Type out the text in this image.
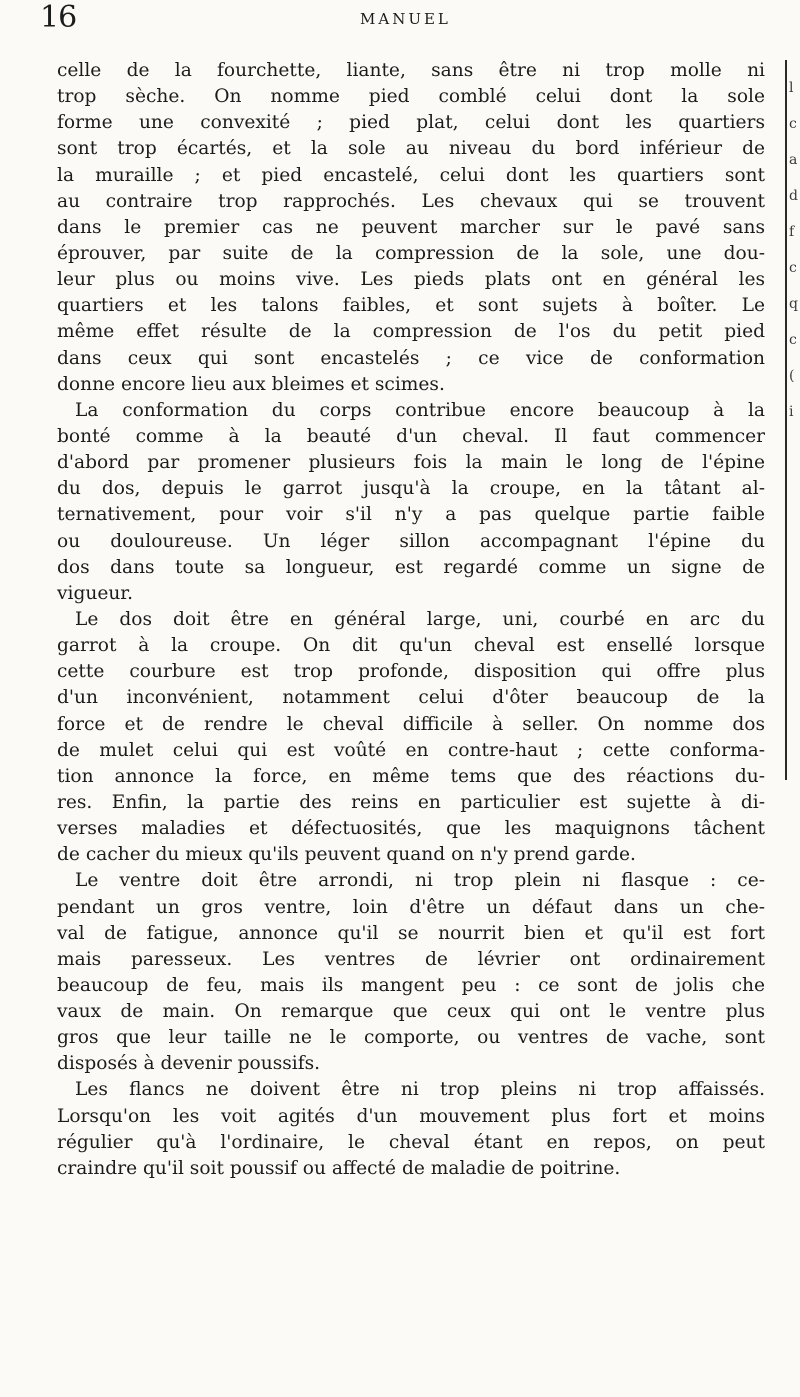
16	MANUEL
celle de la fourchette, liante, sans être ni trop molle ni
trop sèche. On nomme pied comblé celui dont la sole
forme une convexité ; pied plat, celui dont les quartiers
sont trop écartés, et la sole au niveau du bord inférieur de
la muraille ; et pied encastelé, celui dont les quartiers sont
au contraire trop rapprochés. Les chevaux qui se trouvent
dans le premier cas ne peuvent marcher sur le pavé sans
éprouver, par suite de la compression de la sole, une dou-
leur plus ou moins vive. Les pieds plats ont en général les
quartiers et les talons faibles, et sont sujets à boîter. Le
même effet résulte de la compression de l'os du petit pied
dans ceux qui sont encastelés ; ce vice de conformation
donne encore lieu aux bleimes et scimes.
La conformation du corps contribue encore beaucoup à la
bonté comme à la beauté d'un cheval. Il faut commencer
d'abord par promener plusieurs fois la main le long de l'épine
du dos, depuis le garrot jusqu'à la croupe, en la tâtant al-
ternativement, pour voir s'il n'y a pas quelque partie faible
ou douloureuse. Un léger sillon accompagnant l'épine du
dos dans toute sa longueur, est regardé comme un signe de
vigueur.
Le dos doit être en général large, uni, courbé en arc du
garrot à la croupe. On dit qu'un cheval est ensellé lorsque
cette courbure est trop profonde, disposition qui offre plus
d'un inconvénient, notamment celui d'ôter beaucoup de la
force et de rendre le cheval difficile à seller. On nomme dos
de mulet celui qui est voûté en contre-haut ; cette conforma-
tion annonce la force, en même tems que des réactions du-
res. Enfin, la partie des reins en particulier est sujette à di-
verses maladies et défectuosités, que les maquignons tâchent
de cacher du mieux qu'ils peuvent quand on n'y prend garde.
Le ventre doit être arrondi, ni trop plein ni flasque : ce-
pendant un gros ventre, loin d'être un défaut dans un che-
val de fatigue, annonce qu'il se nourrit bien et qu'il est fort
mais paresseux. Les ventres de lévrier ont ordinairement
beaucoup de feu, mais ils mangent peu : ce sont de jolis che
vaux de main. On remarque que ceux qui ont le ventre plus
gros que leur taille ne le comporte, ou ventres de vache, sont
disposés à devenir poussifs.
Les flancs ne doivent être ni trop pleins ni trop affaissés.
Lorsqu'on les voit agités d'un mouvement plus fort et moins
régulier qu'à l'ordinaire, le cheval étant en repos, on peut
craindre qu'il soit poussif ou affecté de maladie de poitrine.
l
c
a
d
f
c
q
c
(
i
